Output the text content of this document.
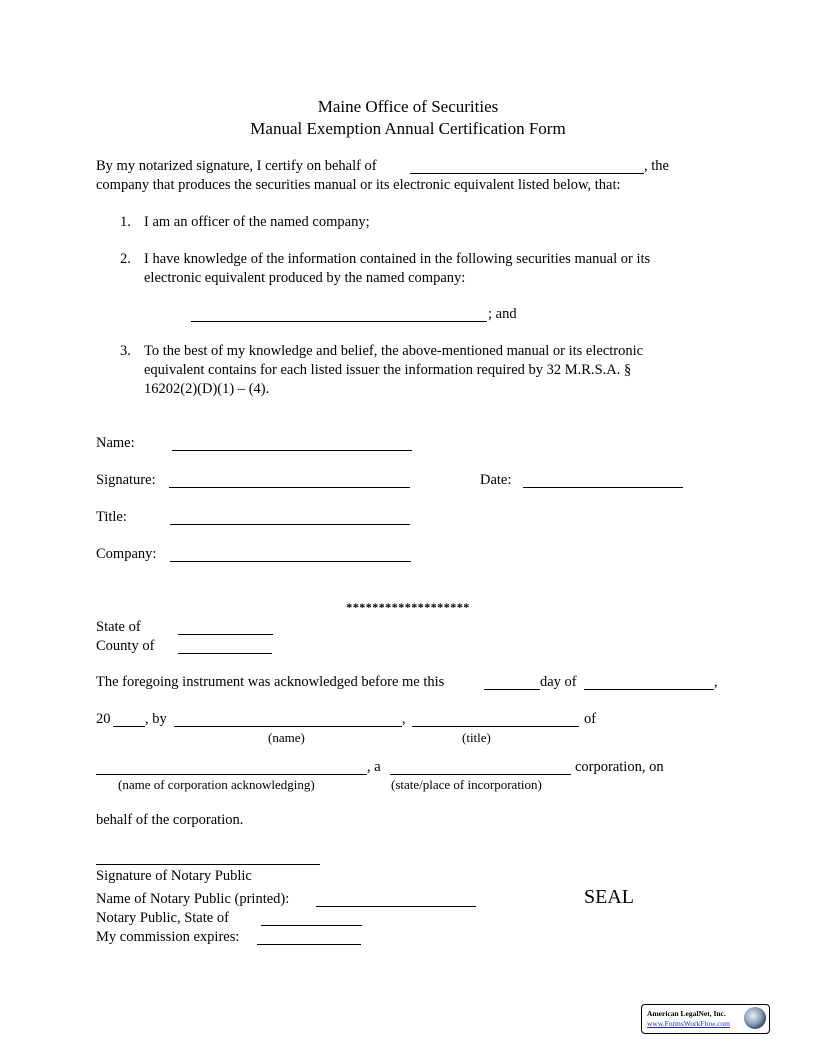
Maine Office of Securities
Manual Exemption Annual Certification Form
By my notarized signature, I certify on behalf of	, the
company that produces the securities manual or its electronic equivalent listed below, that:
1. I am an officer of the named company;
2. I have knowledge of the information contained in the following securities manual or its
electronic equivalent produced by the named company:
; and
3. To the best of my knowledge and belief, the above-mentioned manual or its electronic
equivalent contains for each listed issuer the information required by 32 M.R.S.A. §
16202(2)(D)(1) – (4).
Name:
Signature:	Date:
Title:
Company:
*******************
State of
County of
The foregoing instrument was acknowledged before me this	day of	,
20 , by	,	of
(name)	(title)
, a	corporation, on
(name of corporation acknowledging)	(state/place of incorporation)
behalf of the corporation.
Signature of Notary Public
Name of Notary Public (printed):
Notary Public, State of
My commission expires:
SEAL
American LegalNet, Inc.
www.FormsWorkFlow.com
